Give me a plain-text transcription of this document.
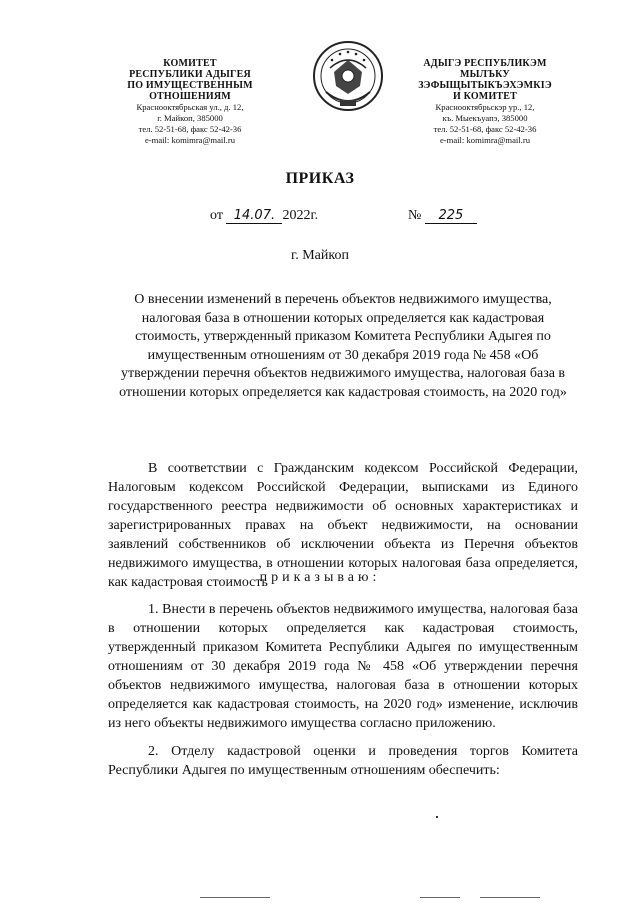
КОМИТЕТ
РЕСПУБЛИКИ АДЫГЕЯ
ПО ИМУЩЕСТВЕННЫМ ОТНОШЕНИЯМ
Краснооктябрьская ул., д. 12,
г. Майкоп, 385000
тел. 52-51-68, факс 52-42-36
e-mail: komimra@mail.ru
АДЫГЭ РЕСПУБЛИКЭМ
МЫЛЪКУ ЗЭФЫЩЫТЫКЪЭХЭМКIЭ
И КОМИТЕТ
Краснооктябрьскэр ур., 12,
къ. Мыекъуапэ, 385000
тел. 52-51-68, факс 52-42-36
e-mail: komimra@mail.ru
ПРИКАЗ
от 14.07. 2022г.	№ 225
г. Майкоп
О внесении изменений в перечень объектов недвижимого имущества, налоговая база в отношении которых определяется как кадастровая стоимость, утвержденный приказом Комитета Республики Адыгея по имущественным отношениям от 30 декабря 2019 года № 458 «Об утверждении перечня объектов недвижимого имущества, налоговая база в отношении которых определяется как кадастровая стоимость, на 2020 год»
В соответствии с Гражданским кодексом Российской Федерации, Налоговым кодексом Российской Федерации, выписками из Единого государственного реестра недвижимости об основных характеристиках и зарегистрированных правах на объект недвижимости, на основании заявлений собственников об исключении объекта из Перечня объектов недвижимого имущества, в отношении которых налоговая база определяется, как кадастровая стоимость
приказываю:
1. Внести в перечень объектов недвижимого имущества, налоговая база в отношении которых определяется как кадастровая стоимость, утвержденный приказом Комитета Республики Адыгея по имущественным отношениям от 30 декабря 2019 года № 458 «Об утверждении перечня объектов недвижимого имущества, налоговая база в отношении которых определяется как кадастровая стоимость, на 2020 год» изменение, исключив из него объекты недвижимого имущества согласно приложению.
2. Отделу кадастровой оценки и проведения торгов Комитета Республики Адыгея по имущественным отношениям обеспечить:
